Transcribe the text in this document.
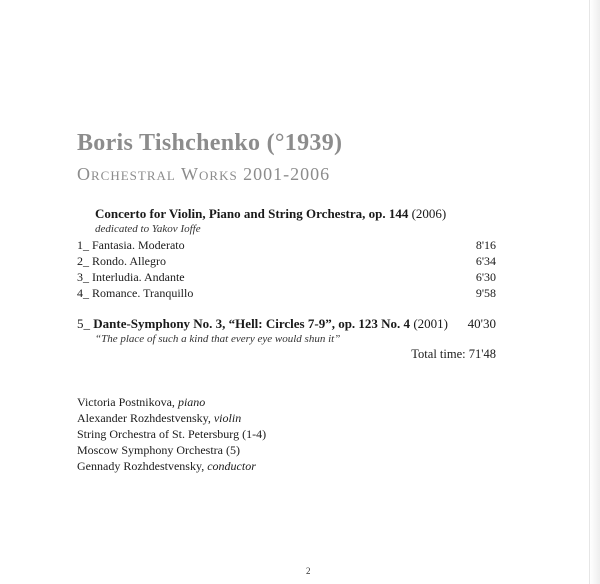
Boris Tishchenko (°1939)
Orchestral Works 2001-2006
Concerto for Violin, Piano and String Orchestra, op. 144 (2006)
dedicated to Yakov Ioffe
1_ Fantasia. Moderato	8'16
2_ Rondo. Allegro	6'34
3_ Interludia. Andante	6'30
4_ Romance. Tranquillo	9'58
5_ Dante-Symphony No. 3, “Hell: Circles 7-9”, op. 123 No. 4 (2001) 40'30
“The place of such a kind that every eye would shun it”
Total time: 71'48
Victoria Postnikova, piano
Alexander Rozhdestvensky, violin
String Orchestra of St. Petersburg (1-4)
Moscow Symphony Orchestra (5)
Gennady Rozhdestvensky, conductor
2
